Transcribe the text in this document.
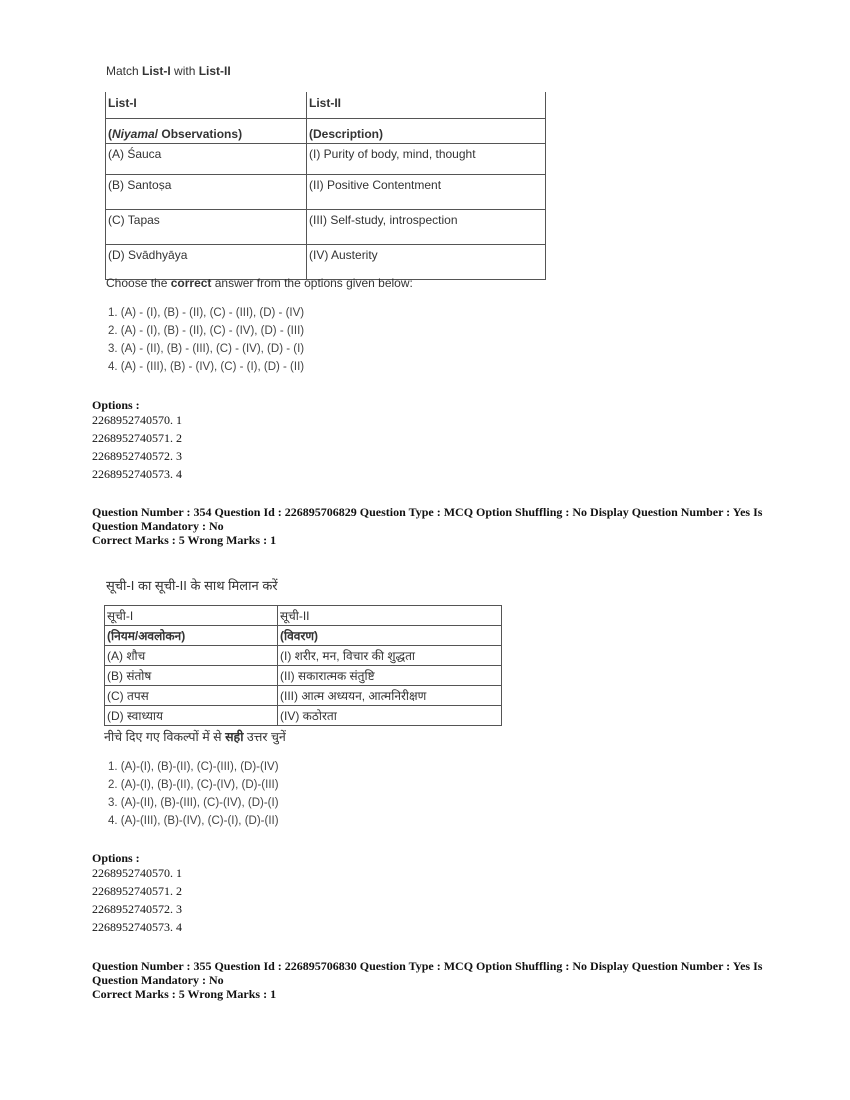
Match List-I with List-II
List-I	List-II
(Niyama/ Observations)	(Description)
(A) Śauca	(I) Purity of body, mind, thought
(B) Santoṣa	(II) Positive Contentment
(C) Tapas	(III) Self-study, introspection
(D) Svādhyāya	(IV) Austerity
Choose the correct answer from the options given below:
1. (A) - (I), (B) - (II), (C) - (III), (D) - (IV)
2. (A) - (I), (B) - (II), (C) - (IV), (D) - (III)
3. (A) - (II), (B) - (III), (C) - (IV), (D) - (I)
4. (A) - (III), (B) - (IV), (C) - (I), (D) - (II)
Options :
2268952740570. 1
2268952740571. 2
2268952740572. 3
2268952740573. 4
Question Number : 354 Question Id : 226895706829 Question Type : MCQ Option Shuffling : No Display Question Number : Yes Is
Question Mandatory : No
Correct Marks : 5 Wrong Marks : 1
सूची-I का सूची-II के साथ मिलान करें
सूची-I	सूची-II
(नियम/अवलोकन)	(विवरण)
(A) शौच	(I) शरीर, मन, विचार की शुद्धता
(B) संतोष	(II) सकारात्मक संतुष्टि
(C) तपस	(III) आत्म अध्ययन, आत्मनिरीक्षण
(D) स्वाध्याय	(IV) कठोरता
नीचे दिए गए विकल्पों में से सही उत्तर चुनें
1. (A)-(I), (B)-(II), (C)-(III), (D)-(IV)
2. (A)-(I), (B)-(II), (C)-(IV), (D)-(III)
3. (A)-(II), (B)-(III), (C)-(IV), (D)-(I)
4. (A)-(III), (B)-(IV), (C)-(I), (D)-(II)
Options :
2268952740570. 1
2268952740571. 2
2268952740572. 3
2268952740573. 4
Question Number : 355 Question Id : 226895706830 Question Type : MCQ Option Shuffling : No Display Question Number : Yes Is
Question Mandatory : No
Correct Marks : 5 Wrong Marks : 1
